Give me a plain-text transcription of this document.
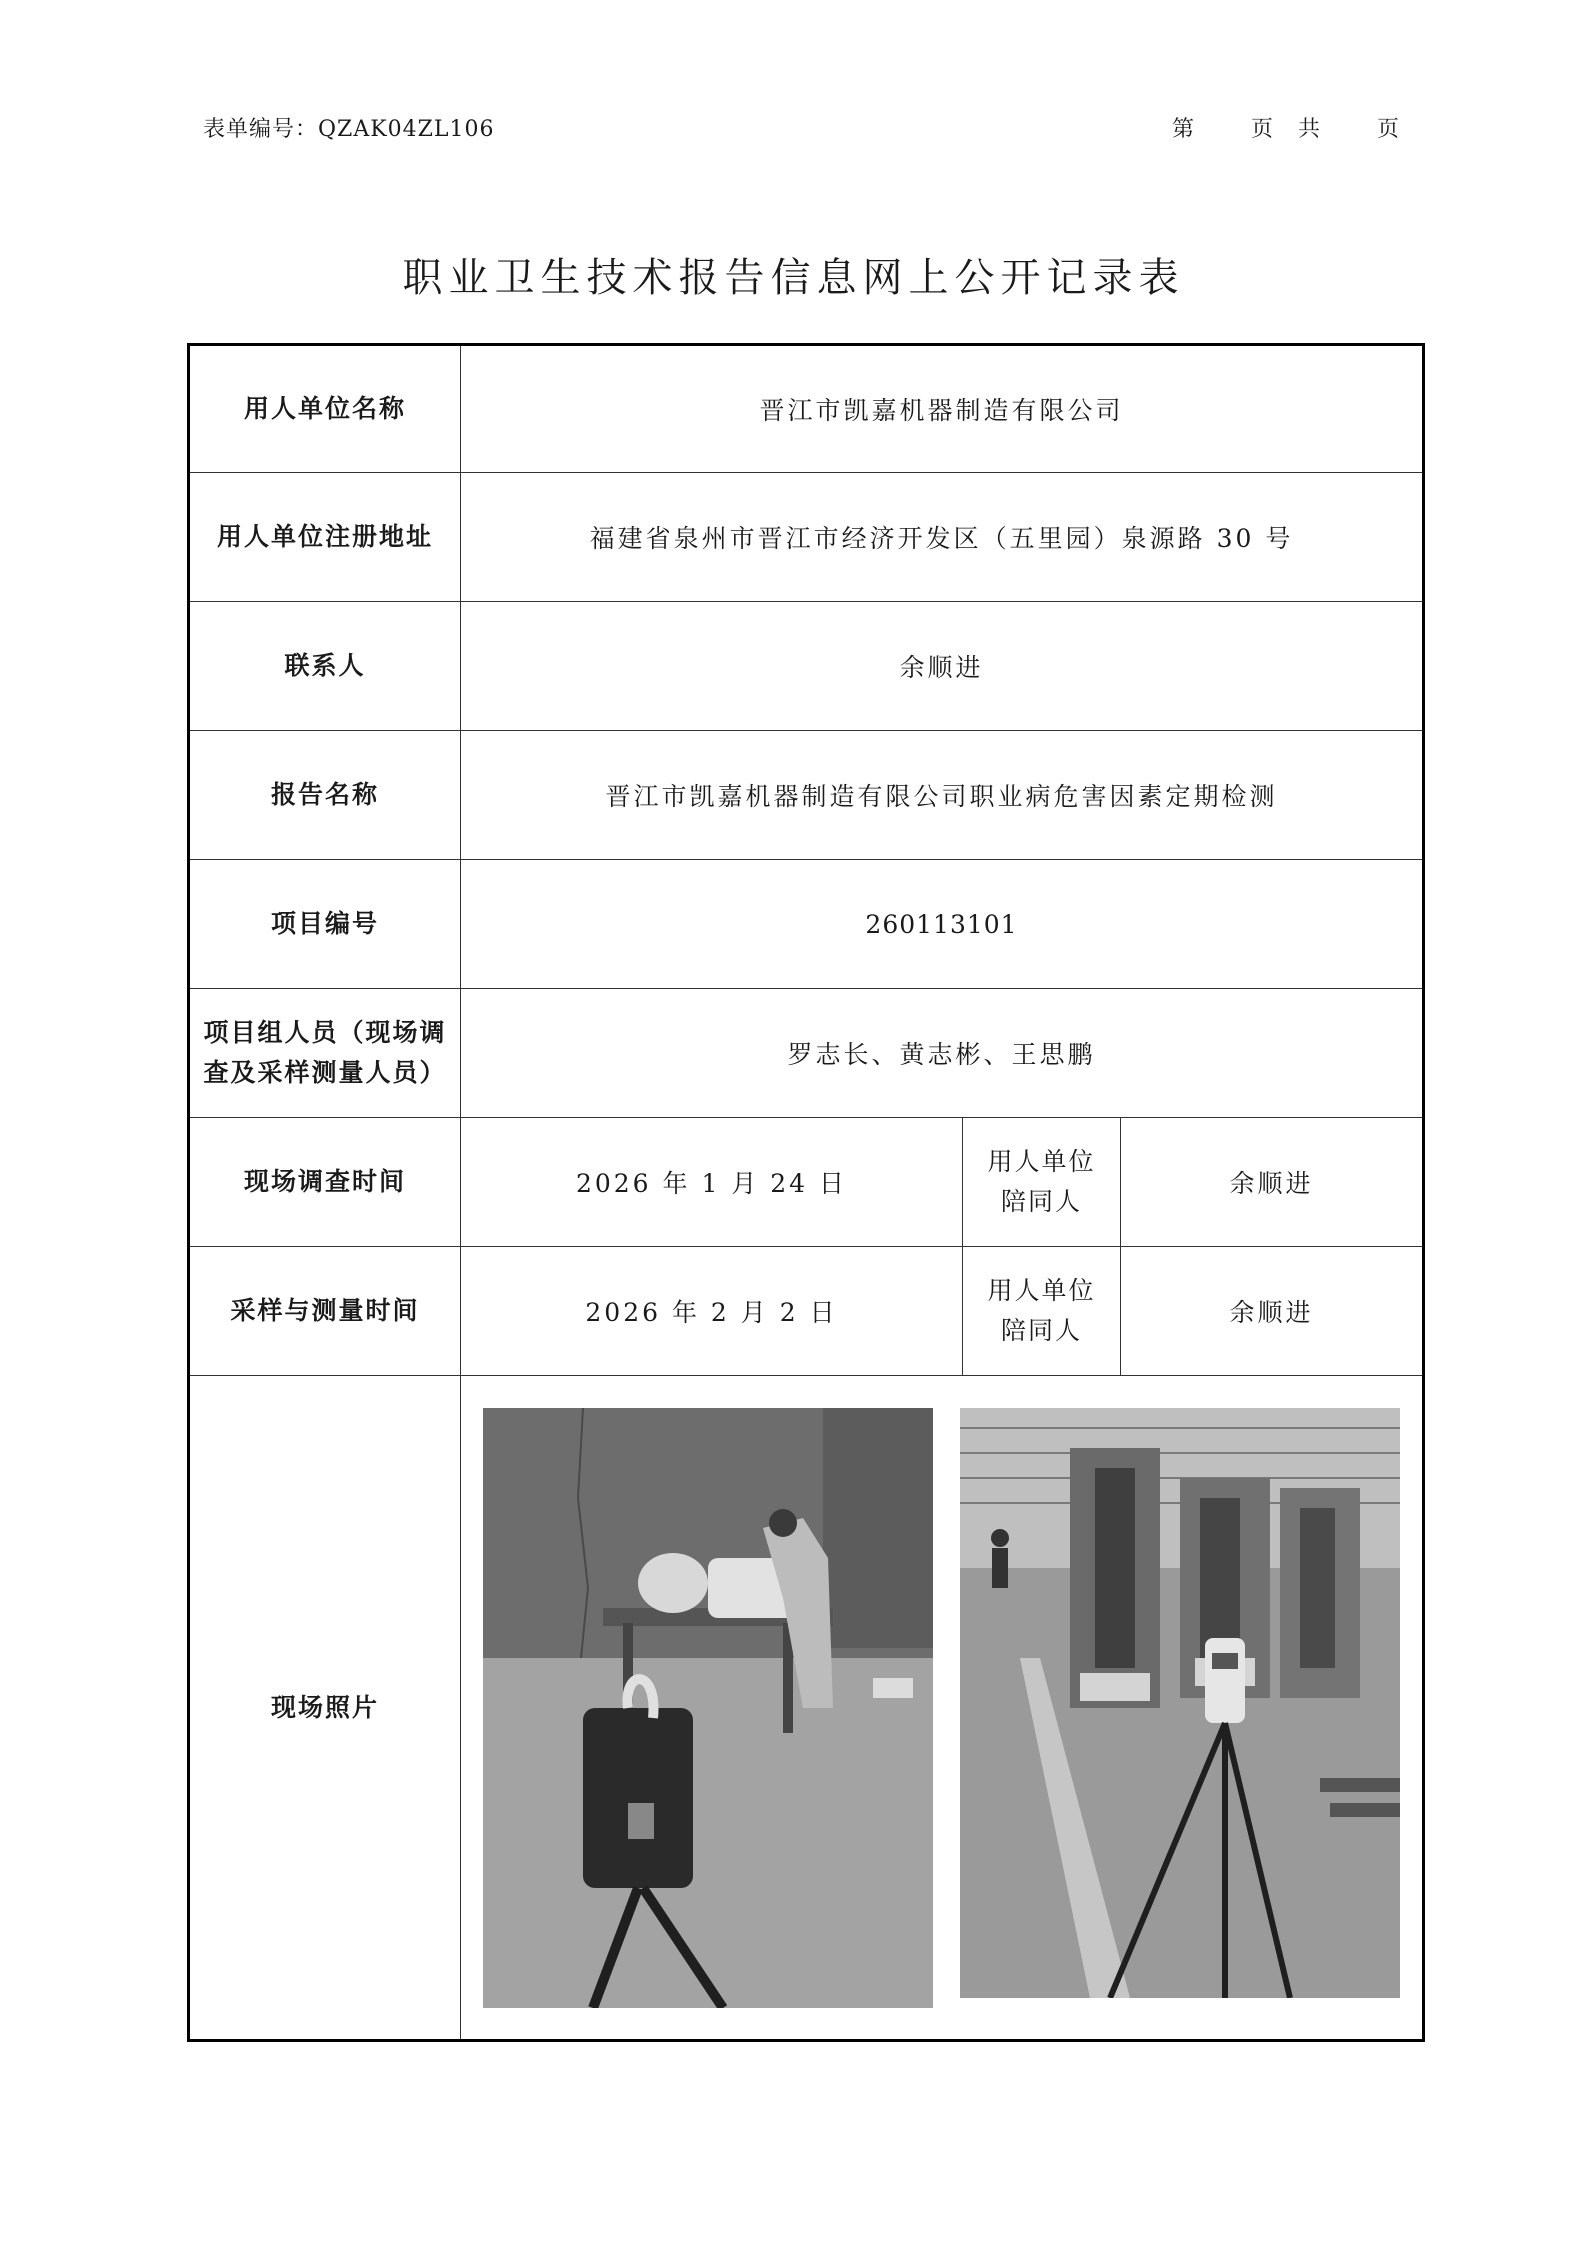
表单编号：QZAK04ZL106	第	页 共	页
职业卫生技术报告信息网上公开记录表
用人单位名称	晋江市凯嘉机器制造有限公司		
用人单位注册地址	福建省泉州市晋江市经济开发区（五里园）泉源路 30 号		
联系人	余顺进		
报告名称	晋江市凯嘉机器制造有限公司职业病危害因素定期检测		
项目编号	260113101		

项目组人员（现场调
查及采样测量人员）	罗志长、黄志彬、王思鹏		
现场调查时间	2026 年 1 月 24 日	用人单位
陪同人	余顺进
采样与测量时间	2026 年 2 月 2 日	用人单位
陪同人	余顺进
现场照片	
